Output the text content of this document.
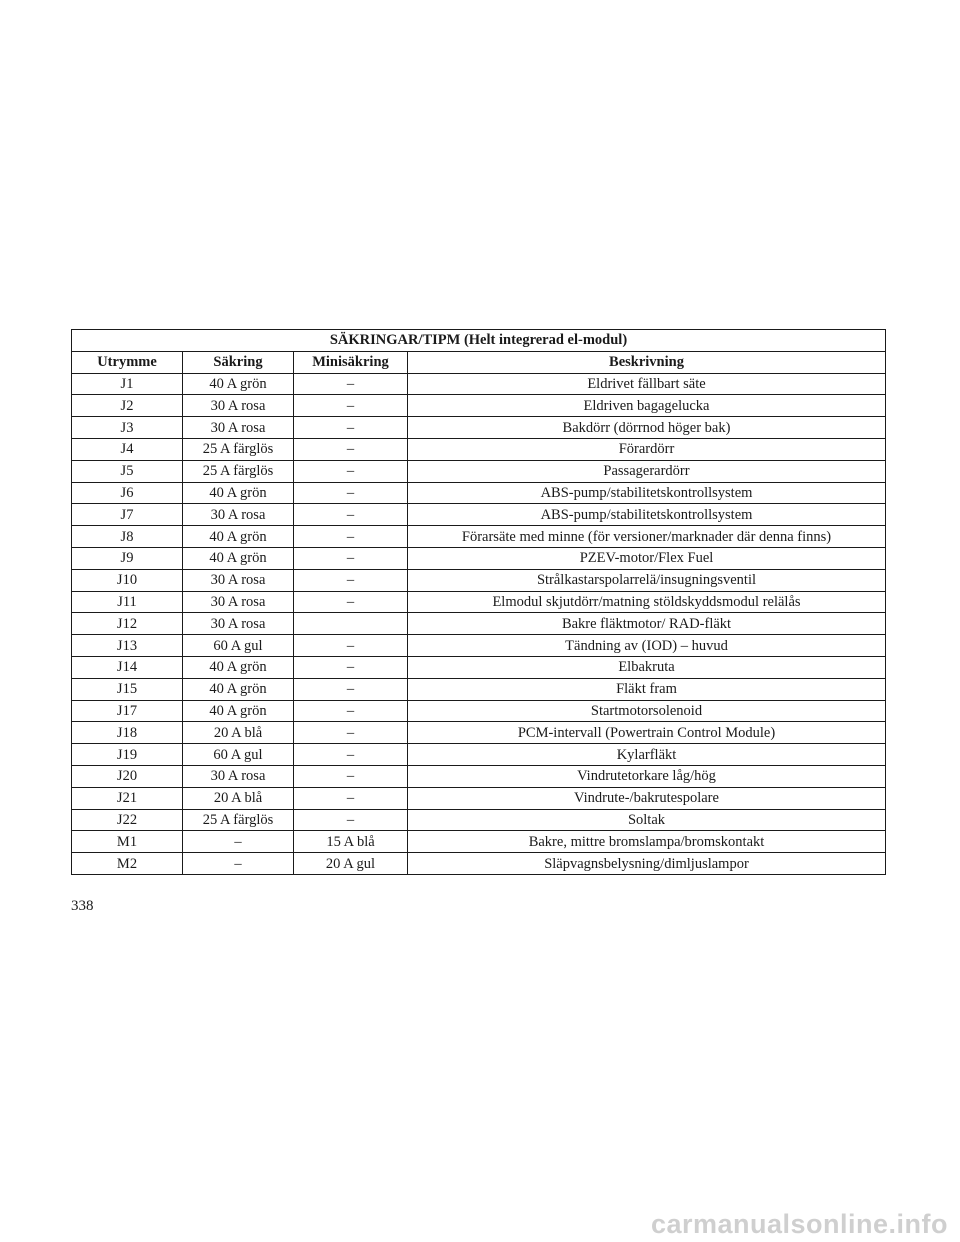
SÄKRINGAR/TIPM (Helt integrerad el-modul)			
Utrymme	Säkring	Minisäkring	Beskrivning
J1	40 A grön	–	Eldrivet fällbart säte
J2	30 A rosa	–	Eldriven bagagelucka
J3	30 A rosa	–	Bakdörr (dörrnod höger bak)
J4	25 A färglös	–	Förardörr
J5	25 A färglös	–	Passagerardörr
J6	40 A grön	–	ABS-pump/stabilitetskontrollsystem
J7	30 A rosa	–	ABS-pump/stabilitetskontrollsystem
J8	40 A grön	–	Förarsäte med minne (för versioner/marknader där denna finns)
J9	40 A grön	–	PZEV-motor/Flex Fuel
J10	30 A rosa	–	Strålkastarspolarrelä/insugningsventil
J11	30 A rosa	–	Elmodul skjutdörr/matning stöldskyddsmodul relälås
J12	30 A rosa		Bakre fläktmotor/ RAD-fläkt
J13	60 A gul	–	Tändning av (IOD) – huvud
J14	40 A grön	–	Elbakruta
J15	40 A grön	–	Fläkt fram
J17	40 A grön	–	Startmotorsolenoid
J18	20 A blå	–	PCM-intervall (Powertrain Control Module)
J19	60 A gul	–	Kylarfläkt
J20	30 A rosa	–	Vindrutetorkare låg/hög
J21	20 A blå	–	Vindrute-/bakrutespolare
J22	25 A färglös	–	Soltak
M1	–	15 A blå	Bakre, mittre bromslampa/bromskontakt
M2	–	20 A gul	Släpvagnsbelysning/dimljuslampor
338
carmanualsonline.info
